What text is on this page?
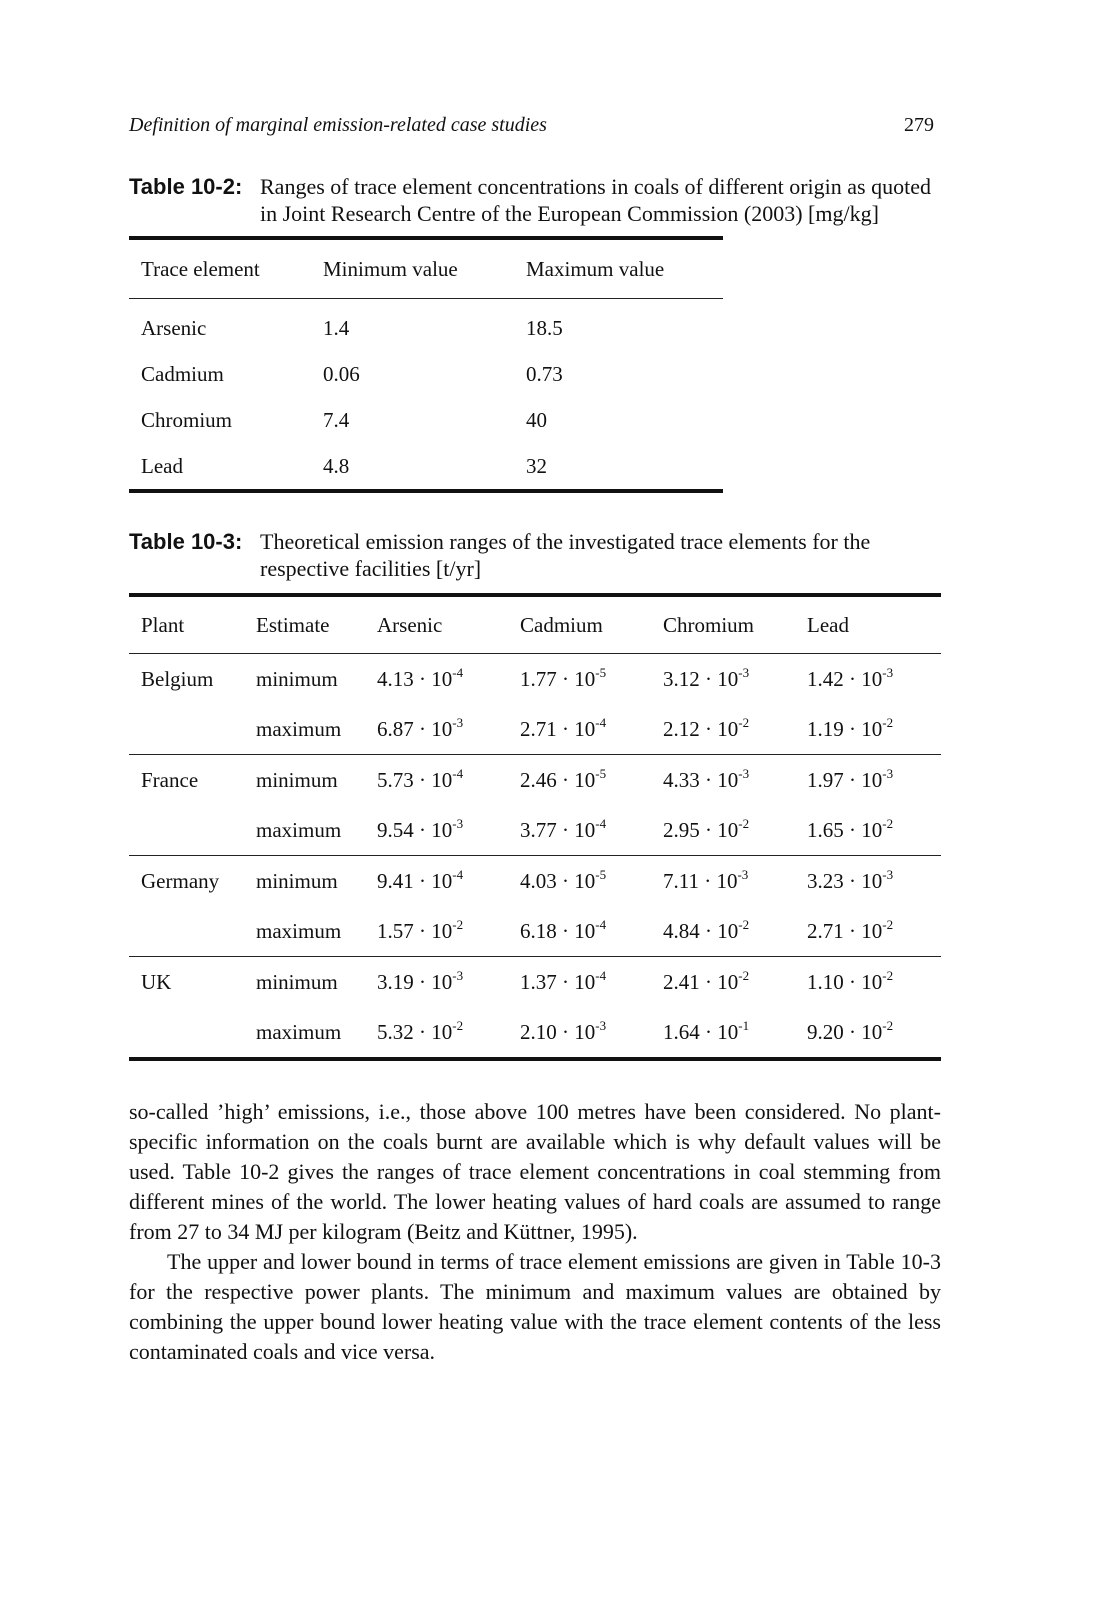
Definition of marginal emission-related case studies	279
Table 10-2: Ranges of trace element concentrations in coals of different origin as quoted in Joint Research Centre of the European Commission (2003) [mg/kg]
Trace element	Minimum value	Maximum value
Arsenic	1.4	18.5
Cadmium	0.06	0.73
Chromium	7.4	40
Lead	4.8	32
Table 10-3: Theoretical emission ranges of the investigated trace elements for the respective facilities [t/yr]
Plant	Estimate	Arsenic	Cadmium	Chromium	Lead
Belgium	minimum	$4.13 \cdot 10^{-4}$	$1.77 \cdot 10^{-5}$	$3.12 \cdot 10^{-3}$	$1.42 \cdot 10^{-3}$
	maximum	$6.87 \cdot 10^{-3}$	$2.71 \cdot 10^{-4}$	$2.12 \cdot 10^{-2}$	$1.19 \cdot 10^{-2}$
France	minimum	$5.73 \cdot 10^{-4}$	$2.46 \cdot 10^{-5}$	$4.33 \cdot 10^{-3}$	$1.97 \cdot 10^{-3}$
	maximum	$9.54 \cdot 10^{-3}$	$3.77 \cdot 10^{-4}$	$2.95 \cdot 10^{-2}$	$1.65 \cdot 10^{-2}$
Germany	minimum	$9.41 \cdot 10^{-4}$	$4.03 \cdot 10^{-5}$	$7.11 \cdot 10^{-3}$	$3.23 \cdot 10^{-3}$
	maximum	$1.57 \cdot 10^{-2}$	$6.18 \cdot 10^{-4}$	$4.84 \cdot 10^{-2}$	$2.71 \cdot 10^{-2}$
UK	minimum	$3.19 \cdot 10^{-3}$	$1.37 \cdot 10^{-4}$	$2.41 \cdot 10^{-2}$	$1.10 \cdot 10^{-2}$
	maximum	$5.32 \cdot 10^{-2}$	$2.10 \cdot 10^{-3}$	$1.64 \cdot 10^{-1}$	$9.20 \cdot 10^{-2}$

so-called ’high’ emissions, i.e., those above 100 metres have been considered. No plant-specific information on the coals burnt are available which is why default values will be used. Table 10-2 gives the ranges of trace element concentrations in coal stemming from different mines of the world. The lower heating values of hard coals are assumed to range from 27 to 34 MJ per kilogram (Beitz and Küttner, 1995).

The upper and lower bound in terms of trace element emissions are given in Table 10-3 for the respective power plants. The minimum and maximum values are obtained by combining the upper bound lower heating value with the trace element contents of the less contaminated coals and vice versa.
